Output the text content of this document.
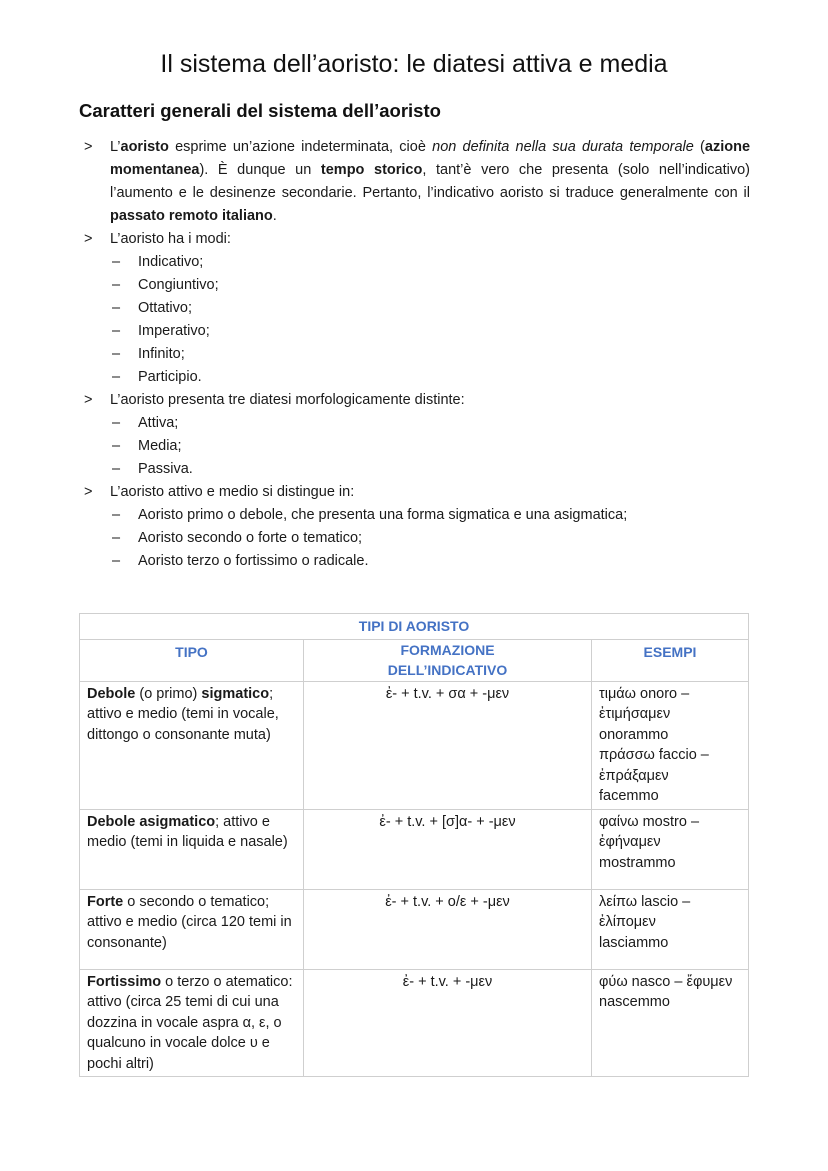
Il sistema dell’aoristo: le diatesi attiva e media
Caratteri generali del sistema dell’aoristo
> L’aoristo esprime un’azione indeterminata, cioè non definita nella sua durata temporale (azione momentanea). È dunque un tempo storico, tant’è vero che presenta (solo nell’indicativo) l’aumento e le desinenze secondarie. Pertanto, l’indicativo aoristo si traduce generalmente con il passato remoto italiano.
> L’aoristo ha i modi:
– Indicativo;
– Congiuntivo;
– Ottativo;
– Imperativo;
– Infinito;
– Participio.
> L’aoristo presenta tre diatesi morfologicamente distinte:
– Attiva;
– Media;
– Passiva.
> L’aoristo attivo e medio si distingue in:
– Aoristo primo o debole, che presenta una forma sigmatica e una asigmatica;
– Aoristo secondo o forte o tematico;
– Aoristo terzo o fortissimo o radicale.
TIPI DI AORISTO		
TIPO	FORMAZIONE DELL’INDICATIVO	ESEMPI
Debole (o primo) sigmatico; attivo e medio (temi in vocale, dittongo o consonante muta)	ἐ- + t.v. + σα + -μεν	τιμάω onoro – ἐτιμήσαμεν
onorammo
πράσσω faccio – ἐπράξαμεν
facemmo

Debole asigmatico; attivo e medio (temi in liquida e nasale)	ἐ- + t.v. + [σ]α- + -μεν	φαίνω mostro – ἐφήναμεν
mostrammo

Forte o secondo o tematico; attivo e medio (circa 120 temi in consonante)	ἐ- + t.v. + ο/ε + -μεν	λείπω lascio – ἐλίπομεν
lasciammo

Fortissimo o terzo o atematico: attivo (circa 25 temi di cui una dozzina in vocale aspra α, ε, o qualcuno in vocale dolce υ e pochi altri)	ἐ- + t.v. + -μεν	φύω nasco – ἔφυμεν
nascemmo
